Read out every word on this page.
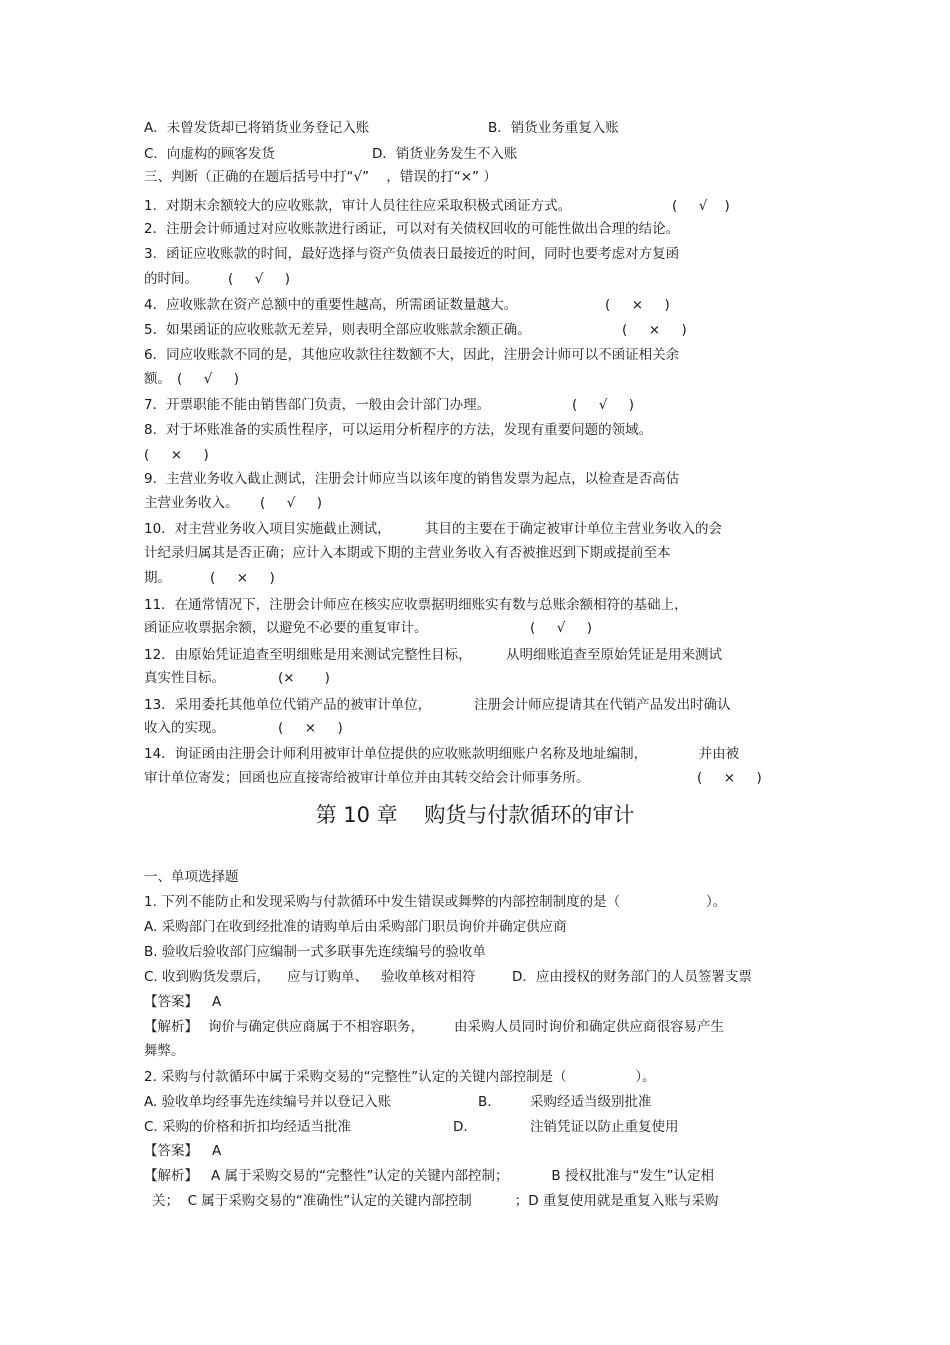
A．未曾发货却已将销货业务登记入账	B．销货业务重复入账
C．向虚构的顾客发货	D．销货业务发生不入账
三、判断（正确的在题后括号中打“√”    ，错误的打“×” ）
1．对期末余额较大的应收账款，审计人员往往应采取积极式函证方式。	(     √    )
2．注册会计师通过对应收账款进行函证，可以对有关债权回收的可能性做出合理的结论。
3．函证应收账款的时间，最好选择与资产负债表日最接近的时间，同时也要考虑对方复函
的时间。 (     √     )
4．应收账款在资产总额中的重要性越高，所需函证数量越大。	(     ×     )
5．如果函证的应收账款无差异，则表明全部应收账款余额正确。	(     ×     )
6．同应收账款不同的是，其他应收款往往数额不大，因此，注册会计师可以不函证相关余
额。 (     √     )
7．开票职能不能由销售部门负责，一般由会计部门办理。	(     √     )
8．对于坏账准备的实质性程序，可以运用分析程序的方法，发现有重要问题的领域。
(     ×     )
9．主营业务收入截止测试，注册会计师应当以该年度的销售发票为起点，以检查是否高估
主营业务收入。 (     √     )
10．对主营业务收入项目实施截止测试，        其目的主要在于确定被审计单位主营业务收入的会
计纪录归属其是否正确；应计入本期或下期的主营业务收入有否被推迟到下期或提前至本
期。	(     ×     )
11．在通常情况下，注册会计师应在核实应收票据明细账实有数与总账余额相符的基础上，
函证应收票据余额，以避免不必要的重复审计。	(     √     )
12．由原始凭证追查至明细账是用来测试完整性目标，        从明细账追查至原始凭证是用来测试
真实性目标。	(×       )
13．采用委托其他单位代销产品的被审计单位，          注册会计师应提请其在代销产品发出时确认
收入的实现。	(     ×     )
14．询证函由注册会计师利用被审计单位提供的应收账款明细账户名称及地址编制，            并由被
审计单位寄发；回函也应直接寄给被审计单位并由其转交给会计师事务所。	(     ×     )
第 10 章    购货与付款循环的审计
一、单项选择题
1. 下列不能防止和发现采购与付款循环中发生错误或舞弊的内部控制制度的是（                    ）。
A. 采购部门在收到经批准的请购单后由采购部门职员询价并确定供应商
B. 验收后验收部门应编制一式多联事先连续编号的验收单
C. 收到购货发票后，    应与订购单、   验收单核对相符	D．应由授权的财务部门的人员签署支票
【答案】 A
【解析】 询价与确定供应商属于不相容职务，       由采购人员同时询价和确定供应商很容易产生
舞弊。
2. 采购与付款循环中属于采购交易的“完整性”认定的关键内部控制是（                ）。
A. 验收单均经事先连续编号并以登记入账	B.	采购经适当级别批准
C. 采购的价格和折扣均经适当批准	D.	注销凭证以防止重复使用
【答案】 A
【解析】 A 属于采购交易的“完整性”认定的关键内部控制；          B 授权批准与“发生”认定相
关；  C 属于采购交易的“准确性”认定的关键内部控制          ；D 重复使用就是重复入账与采购
